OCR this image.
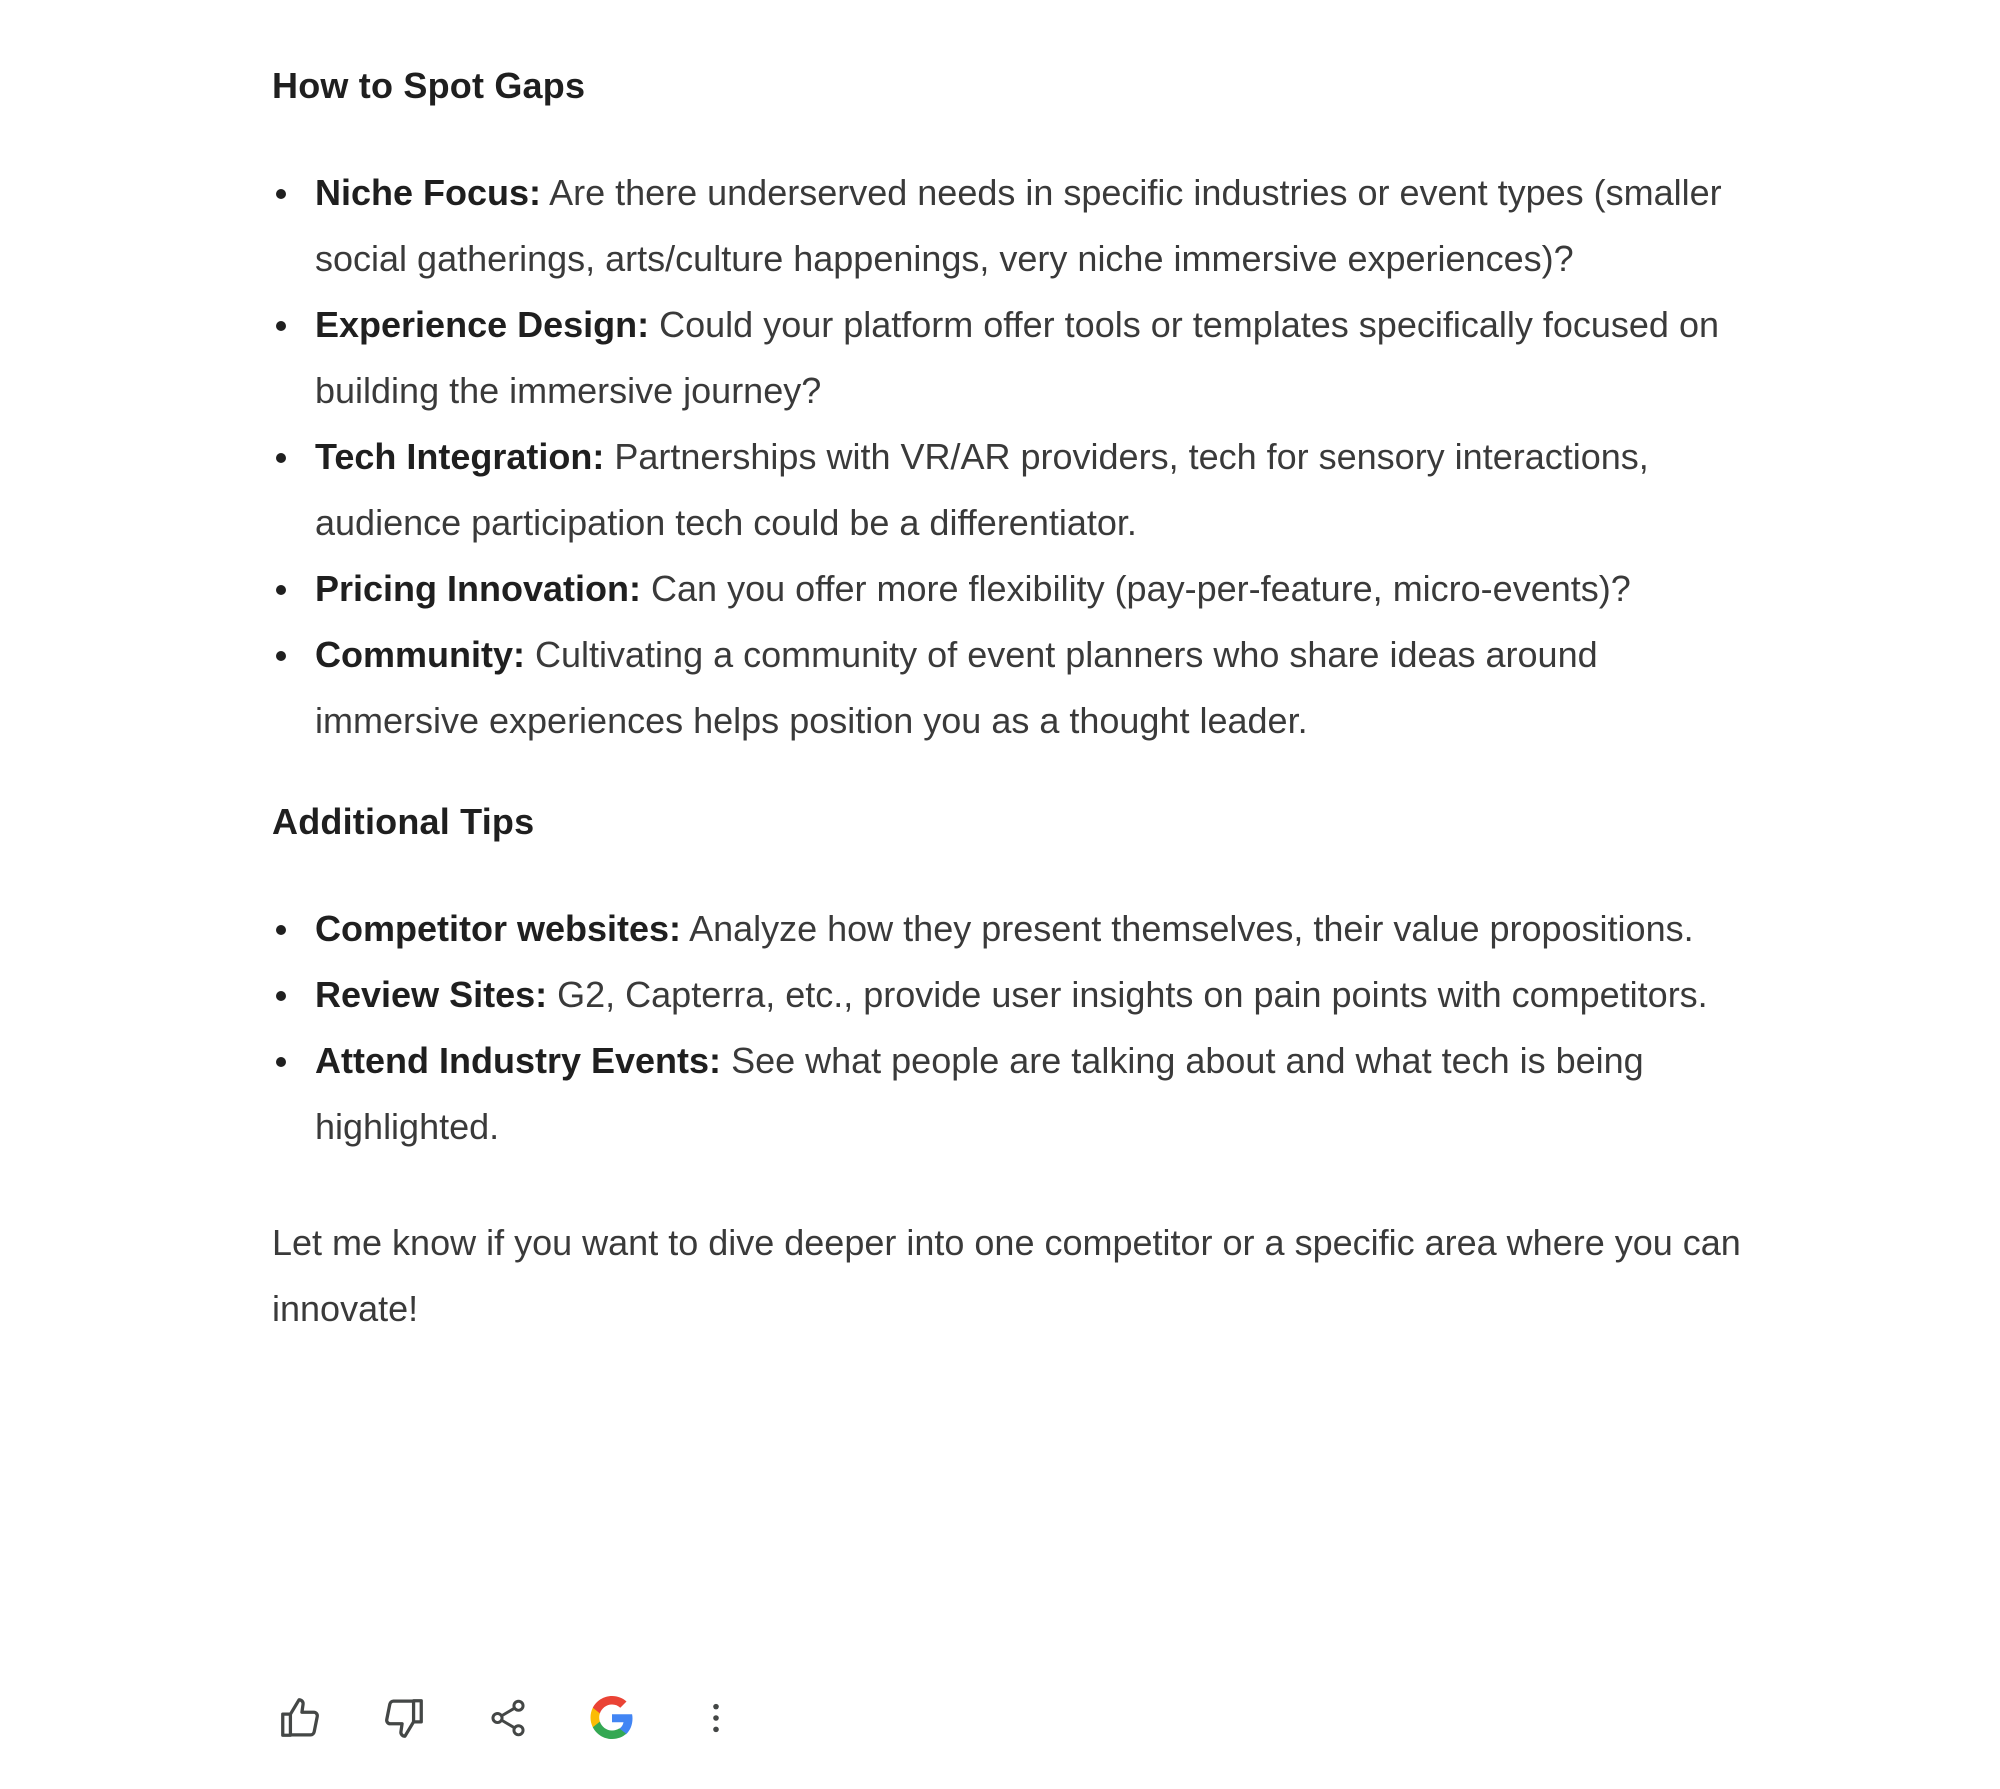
How to Spot Gaps
Niche Focus: Are there underserved needs in specific industries or event types (smaller social gatherings, arts/culture happenings, very niche immersive experiences)?
Experience Design: Could your platform offer tools or templates specifically focused on building the immersive journey?
Tech Integration: Partnerships with VR/AR providers, tech for sensory interactions, audience participation tech could be a differentiator.
Pricing Innovation: Can you offer more flexibility (pay-per-feature, micro-events)?
Community: Cultivating a community of event planners who share ideas around immersive experiences helps position you as a thought leader.
Additional Tips
Competitor websites: Analyze how they present themselves, their value propositions.
Review Sites: G2, Capterra, etc., provide user insights on pain points with competitors.
Attend Industry Events: See what people are talking about and what tech is being highlighted.

Let me know if you want to dive deeper into one competitor or a specific area where you can innovate!
